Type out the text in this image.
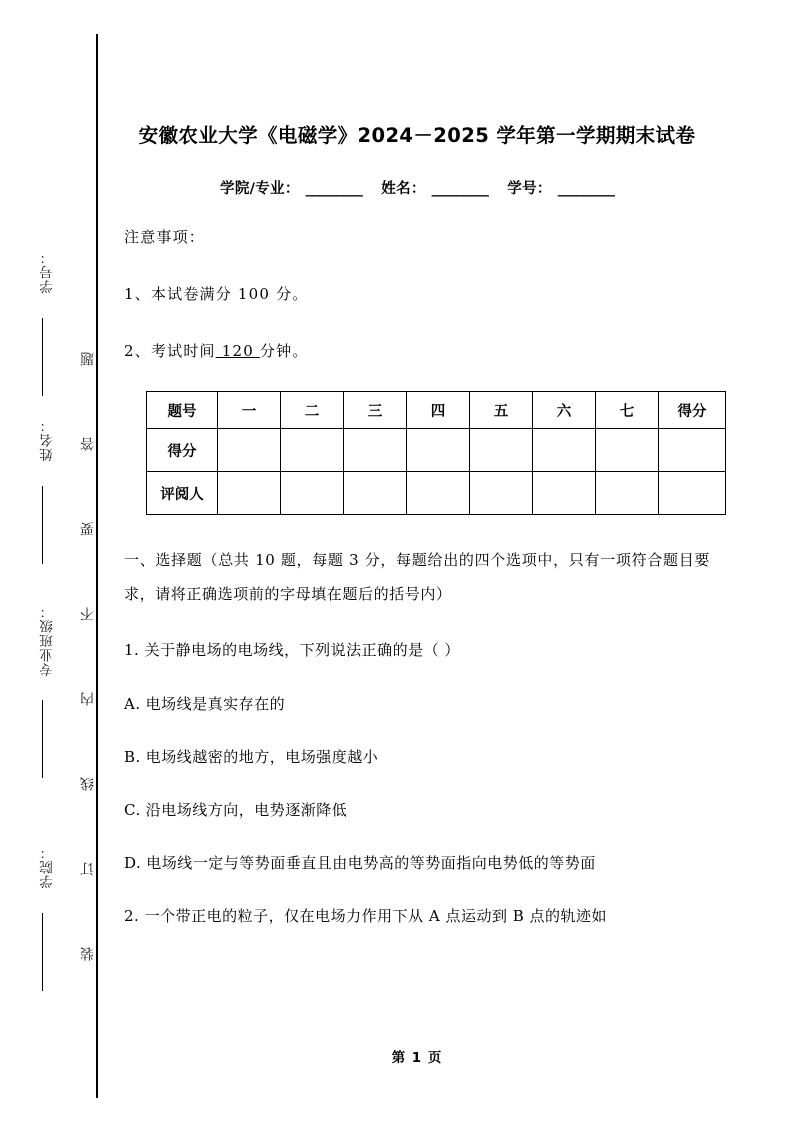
学号：
姓名：
专业班级：
学院：
题
答
要
不
内
线
订
装
安徽农业大学《电磁学》2024－2025 学年第一学期期末试卷
学院/专业： _________ 姓名： _________ 学号： _________

注意事项：

1、本试卷满分 100 分。

2、考试时间 120 分钟。

题号	一	二	三	四	五	六	七	得分
得分								
评阅人								

一、选择题（总共 10 题，每题 3 分，每题给出的四个选项中，只有一项符合题目要求，请将正确选项前的字母填在题后的括号内）

1. 关于静电场的电场线，下列说法正确的是（ ）

A. 电场线是真实存在的

B. 电场线越密的地方，电场强度越小

C. 沿电场线方向，电势逐渐降低

D. 电场线一定与等势面垂直且由电势高的等势面指向电势低的等势面

2. 一个带正电的粒子，仅在电场力作用下从 A 点运动到 B 点的轨迹如

第 1 页
